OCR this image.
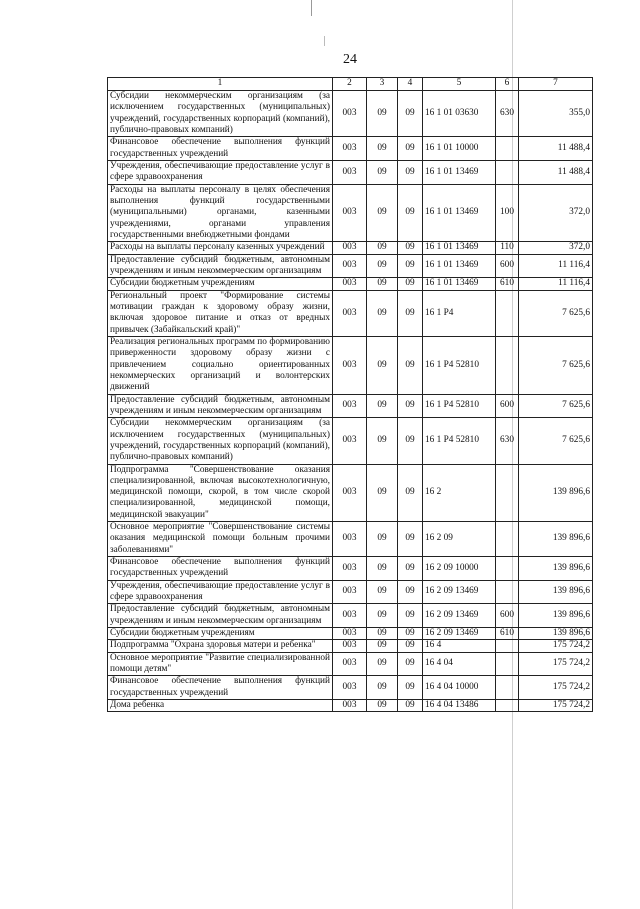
24
1	2	3	4	5	6	7
Субсидии некоммерческим организациям (за исключением государственных (муниципальных) учреждений, государственных корпораций (компаний), публично-правовых компаний)	003	09	09	16 1 01 03630	630	355,0
Финансовое обеспечение выполнения функций государственных учреждений	003	09	09	16 1 01 10000		11 488,4
Учреждения, обеспечивающие предоставление услуг в сфере здравоохранения	003	09	09	16 1 01 13469		11 488,4
Расходы на выплаты персоналу в целях обеспечения выполнения функций государственными (муниципальными) органами, казенными учреждениями, органами управления государственными внебюджетными фондами	003	09	09	16 1 01 13469	100	372,0
Расходы на выплаты персоналу казенных учреждений	003	09	09	16 1 01 13469	110	372,0
Предоставление субсидий бюджетным, автономным учреждениям и иным некоммерческим организациям	003	09	09	16 1 01 13469	600	11 116,4
Субсидии бюджетным учреждениям	003	09	09	16 1 01 13469	610	11 116,4
Региональный проект "Формирование системы мотивации граждан к здоровому образу жизни, включая здоровое питание и отказ от вредных привычек (Забайкальский край)"	003	09	09	16 1 Р4		7 625,6
Реализация региональных программ по формированию приверженности здоровому образу жизни с привлечением социально ориентированных некоммерческих организаций и волонтерских движений	003	09	09	16 1 Р4 52810		7 625,6
Предоставление субсидий бюджетным, автономным учреждениям и иным некоммерческим организациям	003	09	09	16 1 Р4 52810	600	7 625,6
Субсидии некоммерческим организациям (за исключением государственных (муниципальных) учреждений, государственных корпораций (компаний), публично-правовых компаний)	003	09	09	16 1 Р4 52810	630	7 625,6
Подпрограмма "Совершенствование оказания специализированной, включая высокотехнологичную, медицинской помощи, скорой, в том числе скорой специализированной, медицинской помощи, медицинской эвакуации"	003	09	09	16 2		139 896,6
Основное мероприятие "Совершенствование системы оказания медицинской помощи больным прочими заболеваниями"	003	09	09	16 2 09		139 896,6
Финансовое обеспечение выполнения функций государственных учреждений	003	09	09	16 2 09 10000		139 896,6
Учреждения, обеспечивающие предоставление услуг в сфере здравоохранения	003	09	09	16 2 09 13469		139 896,6
Предоставление субсидий бюджетным, автономным учреждениям и иным некоммерческим организациям	003	09	09	16 2 09 13469	600	139 896,6
Субсидии бюджетным учреждениям	003	09	09	16 2 09 13469	610	139 896,6
Подпрограмма "Охрана здоровья матери и ребенка"	003	09	09	16 4		175 724,2
Основное мероприятие "Развитие специализированной помощи детям"	003	09	09	16 4 04		175 724,2
Финансовое обеспечение выполнения функций государственных учреждений	003	09	09	16 4 04 10000		175 724,2
Дома ребенка	003	09	09	16 4 04 13486		175 724,2
